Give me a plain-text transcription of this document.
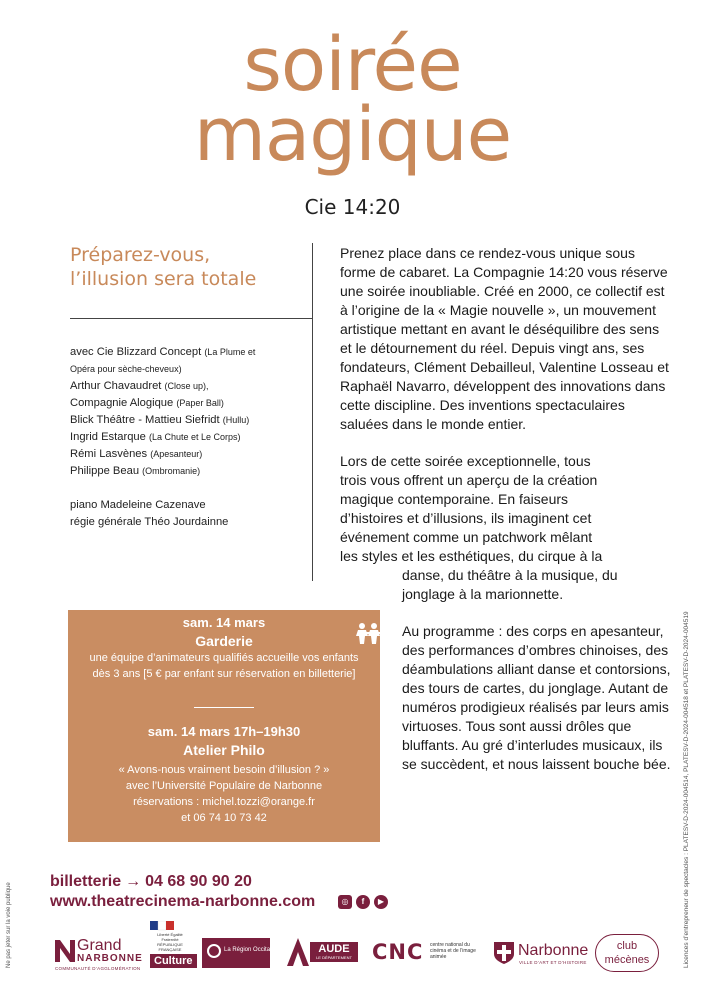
soirée
magique
Cie 14:20
Préparez-vous,
l’illusion sera totale
avec Cie Blizzard Concept (La Plume et
Opéra pour sèche-cheveux)
Arthur Chavaudret (Close up),
Compagnie Alogique (Paper Ball)
Blick Théâtre - Mattieu Siefridt (Hullu)
Ingrid Estarque (La Chute et Le Corps)
Rémi Lasvènes (Apesanteur)
Philippe Beau (Ombromanie)
piano Madeleine Cazenave
régie générale Théo Jourdainne

Prenez place dans ce rendez-vous unique sous forme de cabaret. La Compagnie 14:20 vous réserve une soirée inoubliable. Créé en 2000, ce collectif est à l’origine de la « Magie nouvelle », un mouvement artistique mettant en avant le déséquilibre des sens et le détournement du réel. Depuis vingt ans, ses fondateurs, Clément Debailleul, Valentine Losseau et Raphaël Navarro, développent des innovations dans cette discipline. Des inventions spectaculaires saluées dans le monde entier.

Lors de cette soirée exceptionnelle, tous
trois vous offrent un aperçu de la création
magique contemporaine. En faiseurs
d’histoires et d’illusions, ils imaginent cet
événement comme un patchwork mêlant
les styles et les esthétiques, du cirque à la
danse, du théâtre à la musique, du
jonglage à la marionnette.

Au programme : des corps en apesanteur, des performances d’ombres chinoises, des déambulations alliant danse et contorsions, des tours de cartes, du jonglage. Autant de numéros prodigieux réalisés par leurs amis virtuoses. Tous sont aussi drôles que bluffants. Au gré d’interludes musicaux, ils se succèdent, et nous laissent bouche bée.

sam. 14 mars
Garderie
une équipe d’animateurs qualifiés accueille vos enfants dès 3 ans [5 € par enfant sur réservation en billetterie]
sam. 14 mars 17h–19h30
Atelier Philo
« Avons-nous vraiment besoin d’illusion ? »
avec l’Université Populaire de Narbonne
réservations : michel.tozzi@orange.fr
et 06 74 10 73 42
Ne pas jeter sur la voie publique	Licences d’entrepreneur de spectacles : PLATESV-D-2024-004514, PLATESV-D-2024-004518 et PLATESV-D-2024-004519
billetterie → 04 68 90 90 20
www.theatrecinema-narbonne.com	◎	f	▶
Grand
NARBONNE
COMMUNAUTÉ D’AGGLOMÉRATION
Liberté Égalité Fraternité RÉPUBLIQUE FRANÇAISE
Culture
La Région Occitanie	AUDE
LE DÉPARTEMENT CNC centre national du cinéma et de l’image animée	Narbonne
VILLE D’ART ET D’HISTOIRE
club
mécènes
